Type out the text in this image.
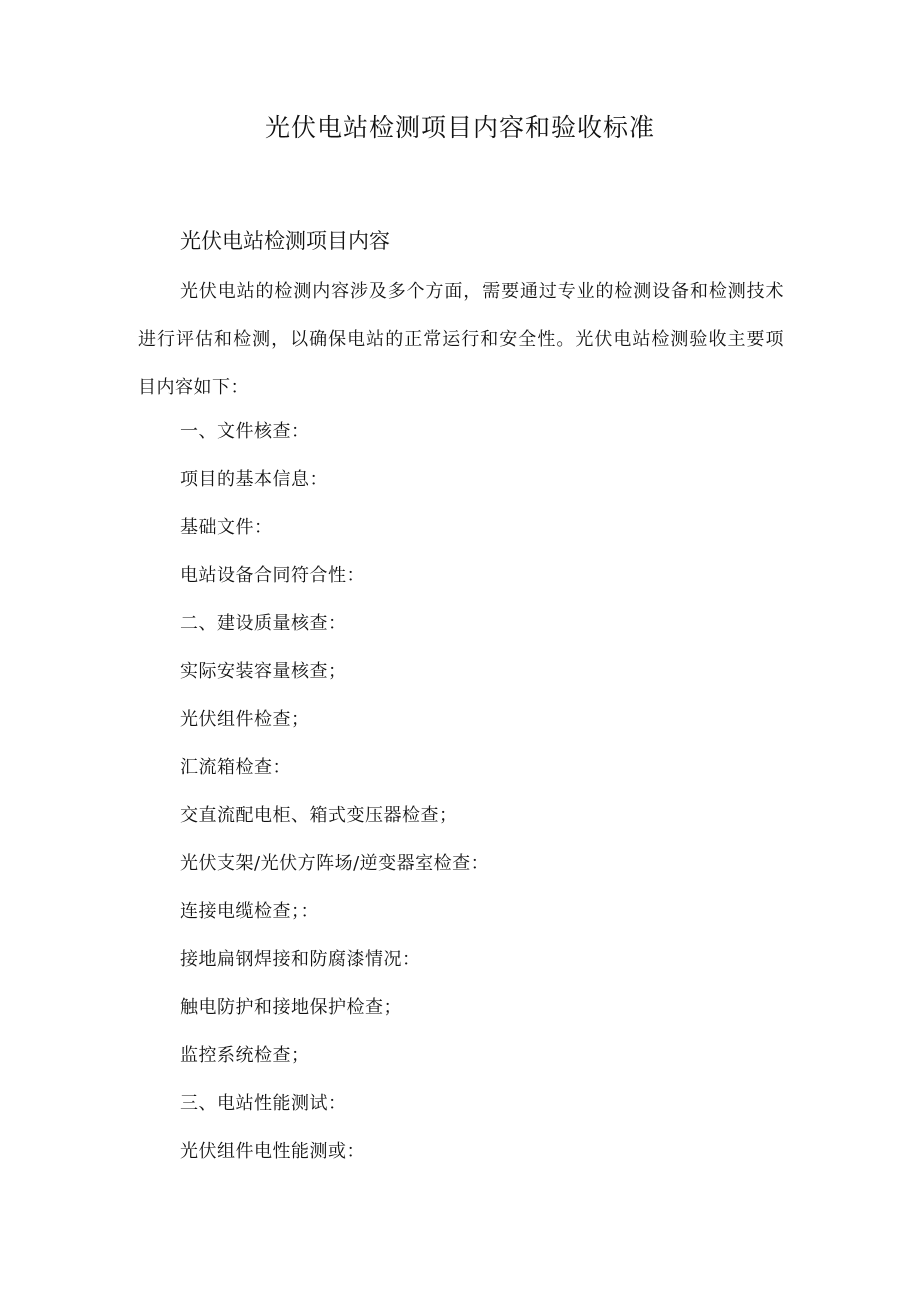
光伏电站检测项目内容和验收标准
光伏电站检测项目内容
光伏电站的检测内容涉及多个方面，需要通过专业的检测设备和检测技术进行评估和检测，以确保电站的正常运行和安全性。光伏电站检测验收主要项目内容如下：
一、文件核查：
项目的基本信息：
基础文件：
电站设备合同符合性：
二、建设质量核查：
实际安装容量核查；
光伏组件检查；
汇流箱检查：
交直流配电柜、箱式变压器检查；
光伏支架/光伏方阵场/逆变器室检查：
连接电缆检查；：
接地扁钢焊接和防腐漆情况：
触电防护和接地保护检查；
监控系统检查；
三、电站性能测试：
光伏组件电性能测或：
